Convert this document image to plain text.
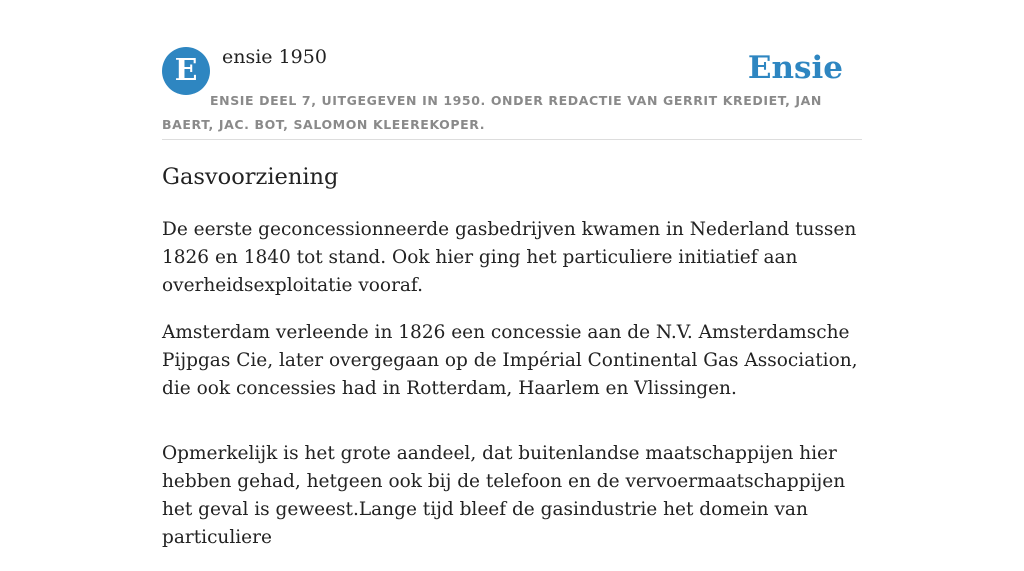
E	ensie 1950	Ensie
ENSIE DEEL 7, UITGEGEVEN IN 1950. ONDER REDACTIE VAN GERRIT KREDIET, JAN BAERT, JAC. BOT, SALOMON KLEEREKOPER.
Gasvoorziening

De eerste geconcessionneerde gasbedrijven kwamen in Nederland tussen 1826 en 1840 tot stand. Ook hier ging het particuliere initiatief aan overheidsexploitatie vooraf.

Amsterdam verleende in 1826 een concessie aan de N.V. Amsterdamsche Pijpgas Cie, later overgegaan op de Impérial Continental Gas Association, die ook concessies had in Rotterdam, Haarlem en Vlissingen.

Opmerkelijk is het grote aandeel, dat buitenlandse maatschappijen hier hebben gehad, hetgeen ook bij de telefoon en de vervoermaatschappijen het geval is geweest.Lange tijd bleef de gasindustrie het domein van particuliere
